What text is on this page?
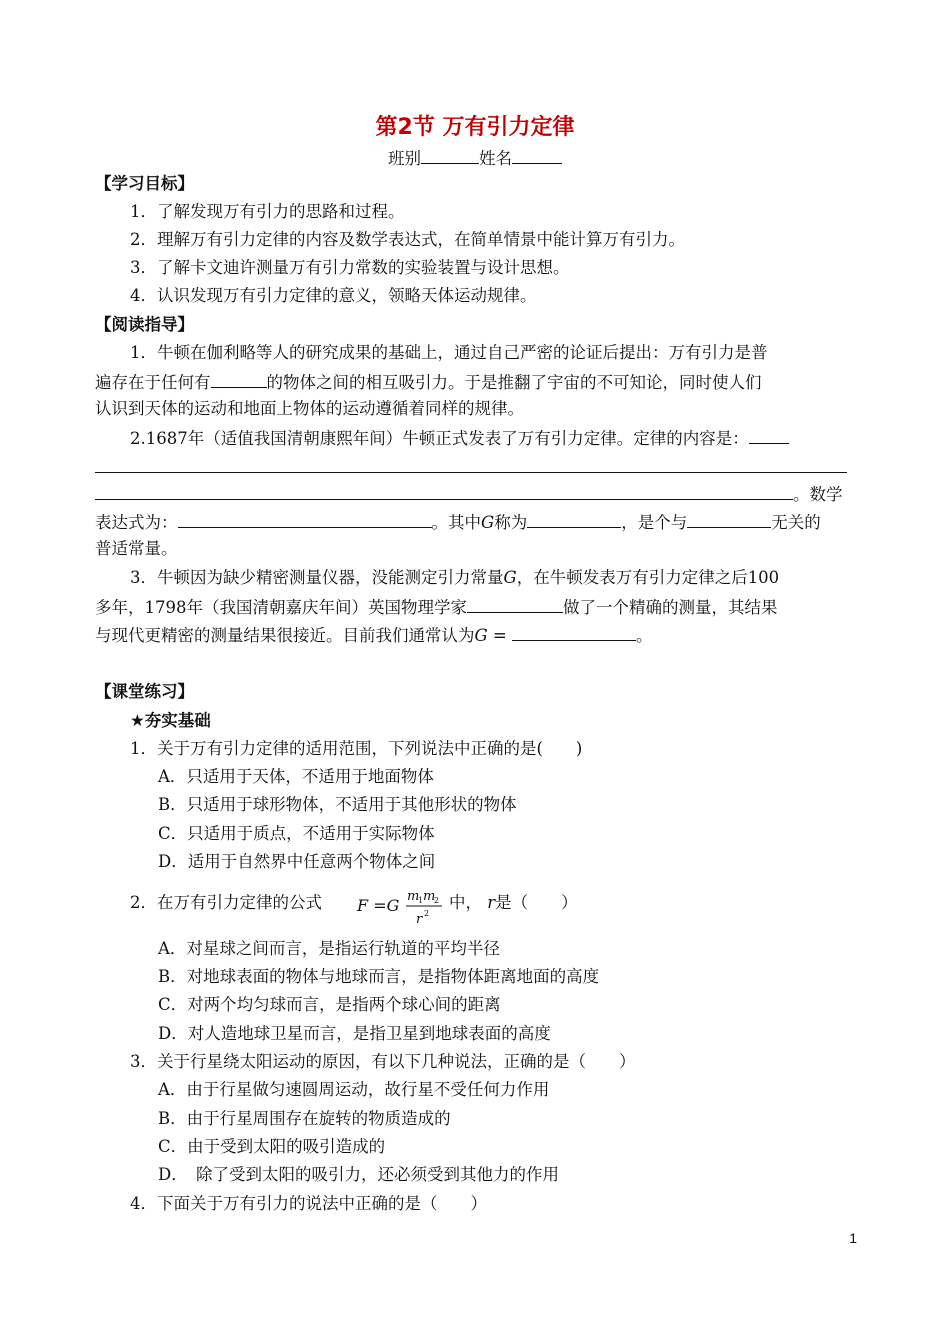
第2节 万有引力定律
班别	姓名
【学习目标】
1．了解发现万有引力的思路和过程。
2．理解万有引力定律的内容及数学表达式，在简单情景中能计算万有引力。
3．了解卡文迪许测量万有引力常数的实验装置与设计思想。
4．认识发现万有引力定律的意义，领略天体运动规律。
【阅读指导】
1．牛顿在伽利略等人的研究成果的基础上，通过自己严密的论证后提出：万有引力是普
遍存在于任何有	的物体之间的相互吸引力。于是推翻了宇宙的不可知论，同时使人们
认识到天体的运动和地面上物体的运动遵循着同样的规律。
2.1687年（适值我国清朝康熙年间）牛顿正式发表了万有引力定律。定律的内容是：
。数学
表达式为：	。其中G称为	，是个与	无关的
普适常量。
3．牛顿因为缺少精密测量仪器，没能测定引力常量G，在牛顿发表万有引力定律之后100
多年，1798年（我国清朝嘉庆年间）英国物理学家	做了一个精确的测量，其结果
与现代更精密的测量结果很接近。目前我们通常认为G =	。
【课堂练习】
★夯实基础
1．关于万有引力定律的适用范围，下列说法中正确的是(　　)
A．只适用于天体，不适用于地面物体
B．只适用于球形物体，不适用于其他形状的物体
C．只适用于质点，不适用于实际物体
D．适用于自然界中任意两个物体之间
2．在万有引力定律的公式 F =G m
1 m
2
r 2
中， r是（　　）
A．对星球之间而言，是指运行轨道的平均半径
B．对地球表面的物体与地球而言，是指物体距离地面的高度
C．对两个均匀球而言，是指两个球心间的距离
D．对人造地球卫星而言，是指卫星到地球表面的高度
3．关于行星绕太阳运动的原因，有以下几种说法，正确的是（　　）
A．由于行星做匀速圆周运动，故行星不受任何力作用
B．由于行星周围存在旋转的物质造成的
C．由于受到太阳的吸引造成的
D．　除了受到太阳的吸引力，还必须受到其他力的作用
4．下面关于万有引力的说法中正确的是（　　）
1
